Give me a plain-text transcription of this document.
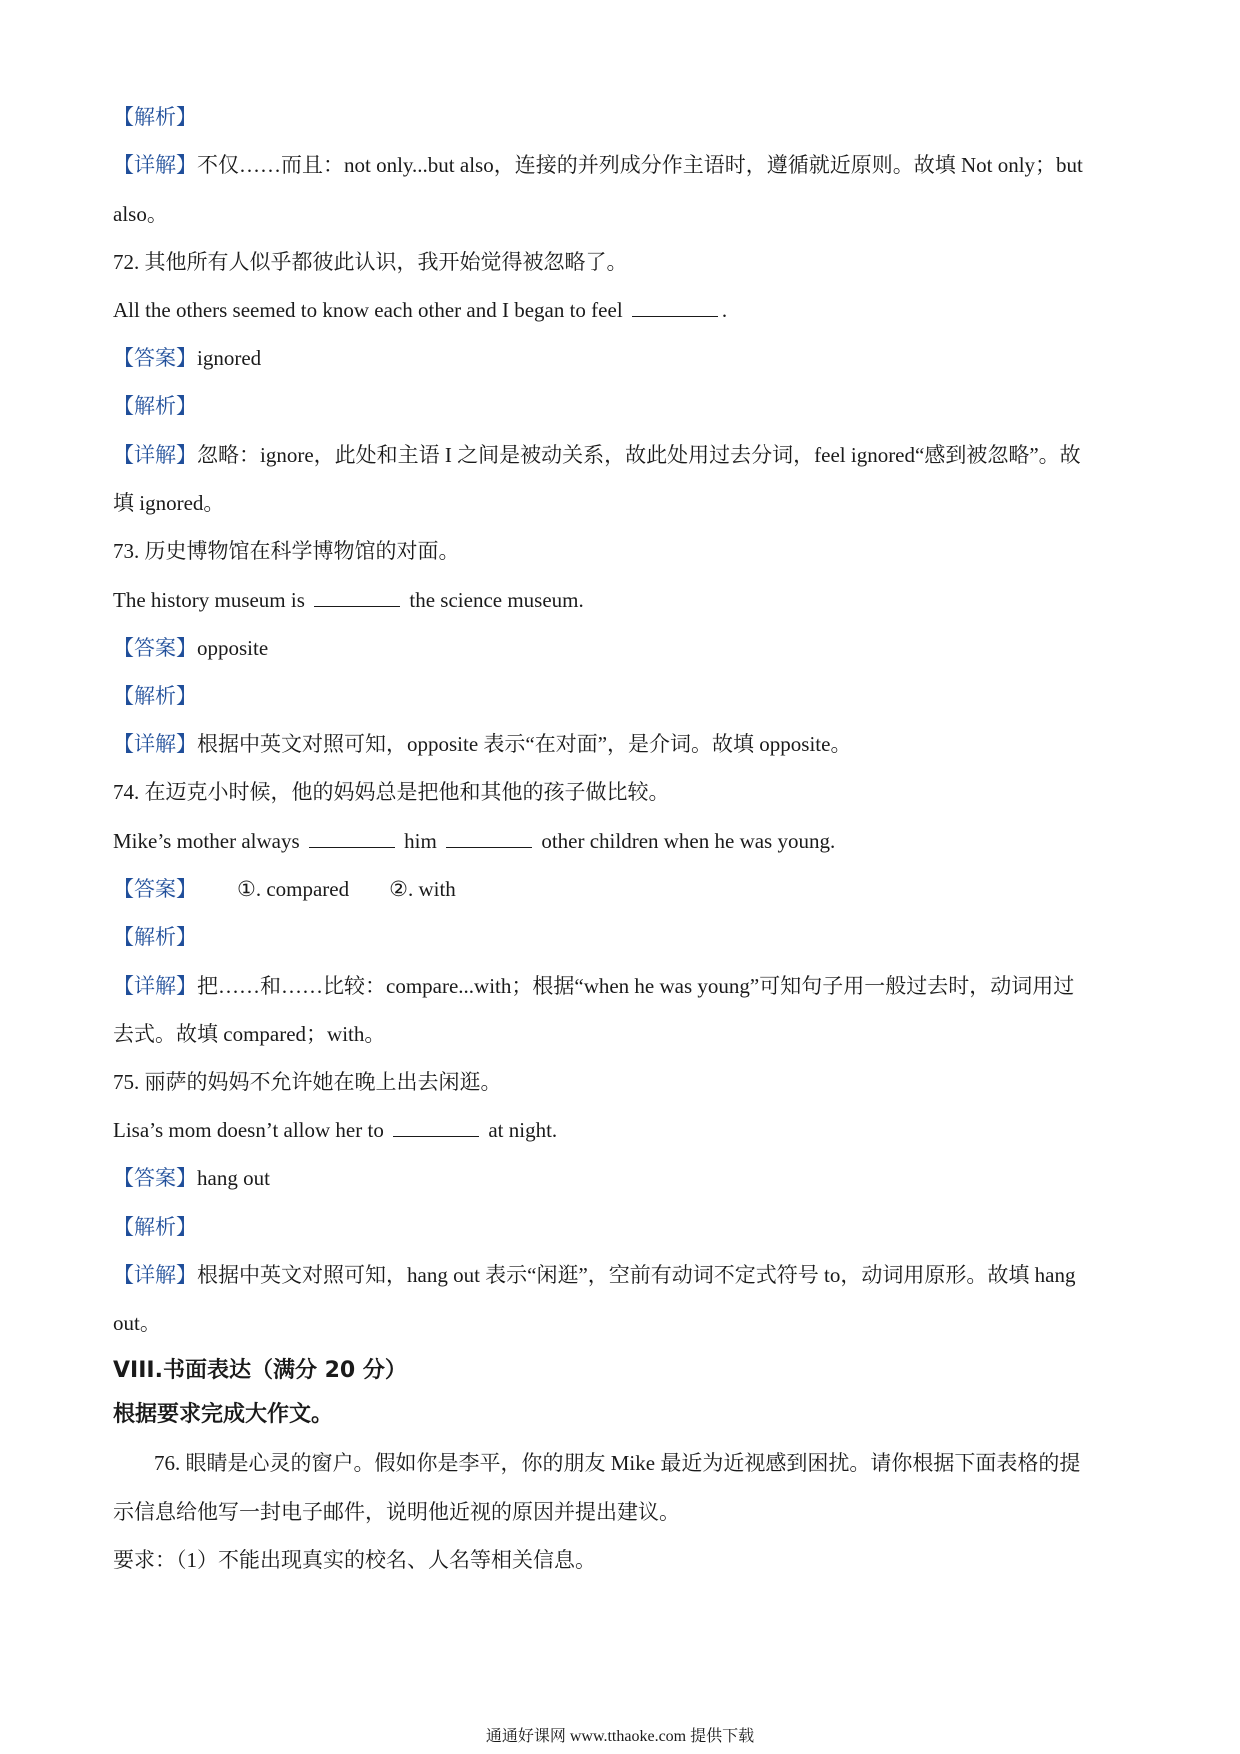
【解析】
【详解】不仅……而且：not only...but also，连接的并列成分作主语时，遵循就近原则。故填 Not only；but
also。
72. 其他所有人似乎都彼此认识，我开始觉得被忽略了。
All the others seemed to know each other and I began to feel	.
【答案】ignored
【解析】
【详解】忽略：ignore，此处和主语 I 之间是被动关系，故此处用过去分词，feel ignored“感到被忽略”。故
填 ignored。
73. 历史博物馆在科学博物馆的对面。
The history museum is	the science museum.
【答案】opposite
【解析】
【详解】根据中英文对照可知，opposite 表示“在对面”，是介词。故填 opposite。
74. 在迈克小时候，他的妈妈总是把他和其他的孩子做比较。
Mike’s mother always	him	other children when he was young.
【答案】 ①. compared ②. with
【解析】
【详解】把……和……比较：compare...with；根据“when he was young”可知句子用一般过去时，动词用过
去式。故填 compared；with。
75. 丽萨的妈妈不允许她在晚上出去闲逛。
Lisa’s mom doesn’t allow her to	at night.
【答案】hang out
【解析】
【详解】根据中英文对照可知，hang out 表示“闲逛”，空前有动词不定式符号 to，动词用原形。故填 hang
out。
VIII.书面表达（满分 20 分）
根据要求完成大作文。
76. 眼睛是心灵的窗户。假如你是李平，你的朋友 Mike 最近为近视感到困扰。请你根据下面表格的提
示信息给他写一封电子邮件，说明他近视的原因并提出建议。
要求：（1）不能出现真实的校名、人名等相关信息。
通通好课网 www.tthaoke.com 提供下载
